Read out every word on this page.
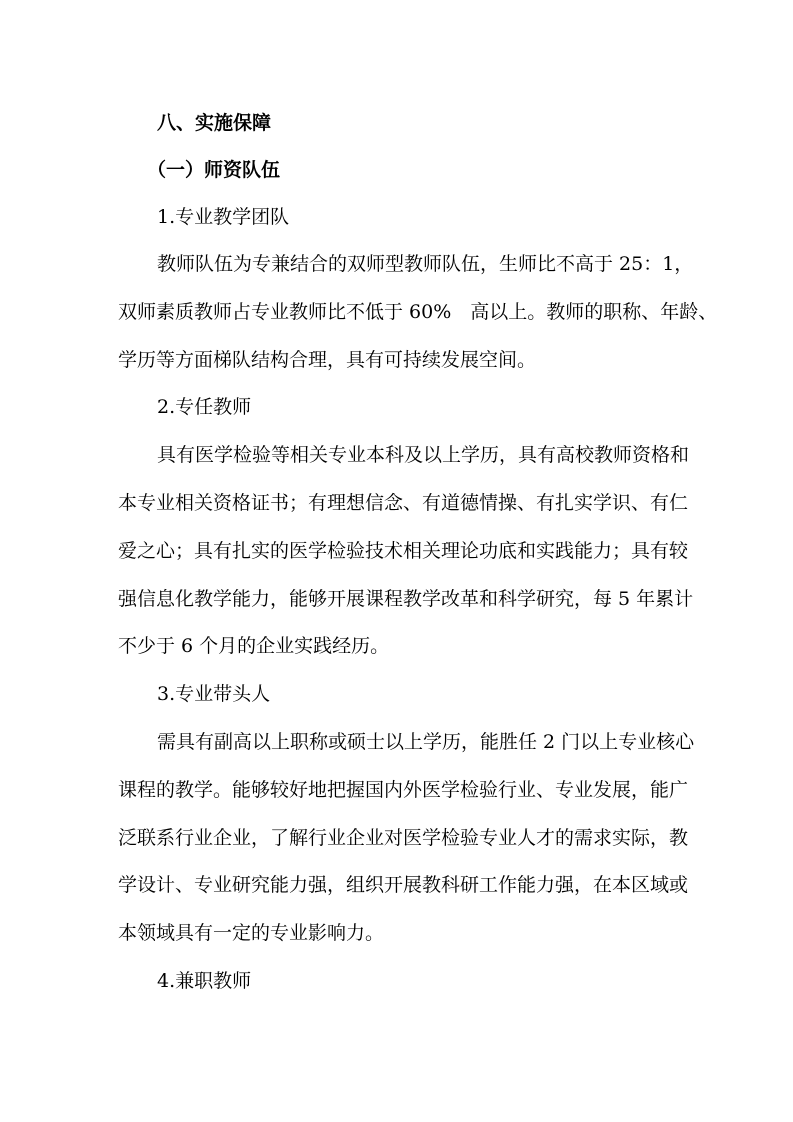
八、实施保障
（一）师资队伍
1.专业教学团队
教师队伍为专兼结合的双师型教师队伍，生师比不高于 25：1，
双师素质教师占专业教师比不低于 60%　高以上。教师的职称、年龄、
学历等方面梯队结构合理，具有可持续发展空间。
2.专任教师
具有医学检验等相关专业本科及以上学历，具有高校教师资格和
本专业相关资格证书；有理想信念、有道德情操、有扎实学识、有仁
爱之心；具有扎实的医学检验技术相关理论功底和实践能力；具有较
强信息化教学能力，能够开展课程教学改革和科学研究，每 5 年累计
不少于 6 个月的企业实践经历。
3.专业带头人
需具有副高以上职称或硕士以上学历，能胜任 2 门以上专业核心
课程的教学。能够较好地把握国内外医学检验行业、专业发展，能广
泛联系行业企业，了解行业企业对医学检验专业人才的需求实际，教
学设计、专业研究能力强，组织开展教科研工作能力强，在本区域或
本领域具有一定的专业影响力。
4.兼职教师
